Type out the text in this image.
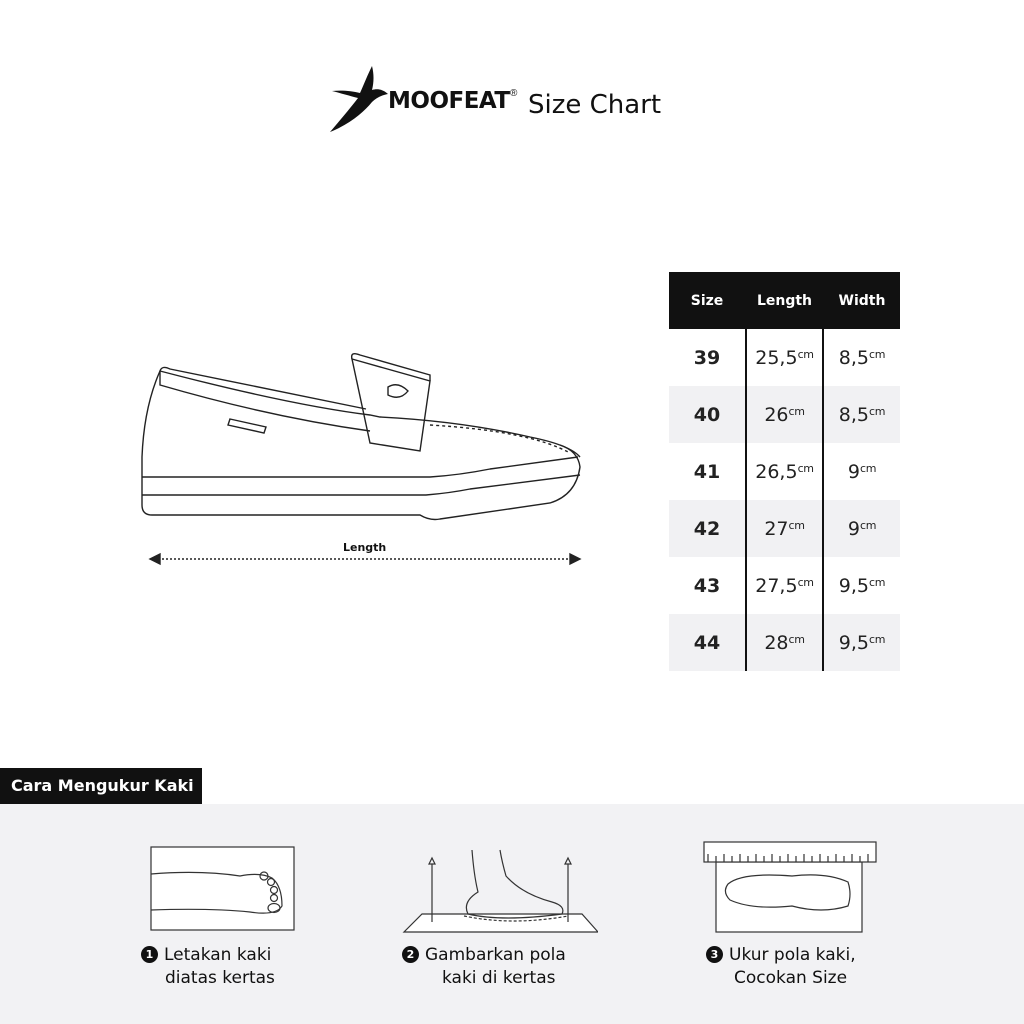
MOOFEAT ® Size Chart
Length
Size	Length	Width
39	$25,5^{cm}$	$8,5^{cm}$
40	$26^{cm}$	$8,5^{cm}$
41	$26,5^{cm}$	$9^{cm}$
42	$27^{cm}$	$9^{cm}$
43	$27,5^{cm}$	$9,5^{cm}$
44	$28^{cm}$	$9,5^{cm}$
Cara Mengukur Kaki
1 Letakan kaki
diatas kertas
2 Gambarkan pola
kaki di kertas
3 Ukur pola kaki,
Cocokan Size
